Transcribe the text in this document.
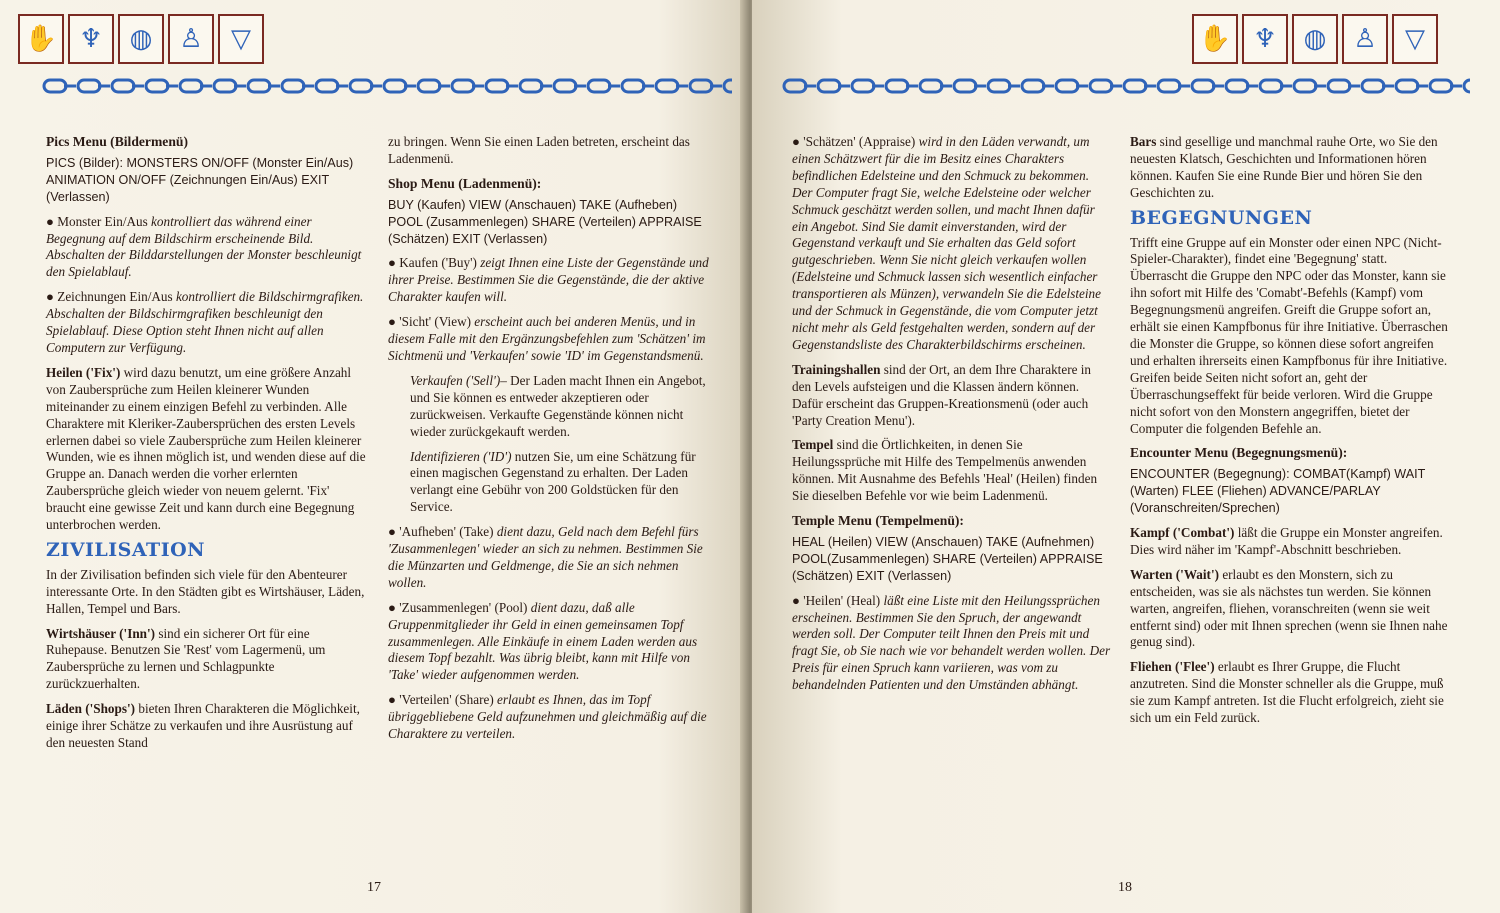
✋ ♆	◍	♙	▽
Pics Menu (Bildermenü)

PICS (Bilder): MONSTERS ON/OFF (Monster Ein/Aus) ANIMATION ON/OFF (Zeichnungen Ein/Aus) EXIT (Verlassen)

● Monster Ein/Aus kontrolliert das während einer Begegnung auf dem Bildschirm erscheinende Bild. Abschalten der Bilddarstellungen der Monster beschleunigt den Spielablauf.

● Zeichnungen Ein/Aus kontrolliert die Bildschirmgrafiken. Abschalten der Bildschirmgrafiken beschleunigt den Spielablauf. Diese Option steht Ihnen nicht auf allen Computern zur Verfügung.

Heilen ('Fix') wird dazu benutzt, um eine größere Anzahl von Zaubersprüche zum Heilen kleinerer Wunden miteinander zu einem einzigen Befehl zu verbinden. Alle Charaktere mit Kleriker-Zaubersprüchen des ersten Levels erlernen dabei so viele Zaubersprüche zum Heilen kleinerer Wunden, wie es ihnen möglich ist, und wenden diese auf die Gruppe an. Danach werden die vorher erlernten Zaubersprüche gleich wieder von neuem gelernt. 'Fix' braucht eine gewisse Zeit und kann durch eine Begegnung unterbrochen werden.

ZIVILISATION

In der Zivilisation befinden sich viele für den Abenteurer interessante Orte. In den Städten gibt es Wirtshäuser, Läden, Hallen, Tempel und Bars.

Wirtshäuser ('Inn') sind ein sicherer Ort für eine Ruhepause. Benutzen Sie 'Rest' vom Lagermenü, um Zaubersprüche zu lernen und Schlagpunkte zurückzuerhalten.

Läden ('Shops') bieten Ihren Charakteren die Möglichkeit, einige ihrer Schätze zu verkaufen und ihre Ausrüstung auf den neuesten Stand

zu bringen. Wenn Sie einen Laden betreten, erscheint das Ladenmenü.

Shop Menu (Ladenmenü):

BUY (Kaufen) VIEW (Anschauen) TAKE (Aufheben) POOL (Zusammenlegen) SHARE (Verteilen) APPRAISE (Schätzen) EXIT (Verlassen)

● Kaufen ('Buy') zeigt Ihnen eine Liste der Gegenstände und ihrer Preise. Bestimmen Sie die Gegenstände, die der aktive Charakter kaufen will.

● 'Sicht' (View) erscheint auch bei anderen Menüs, und in diesem Falle mit den Ergänzungsbefehlen zum 'Schätzen' im Sichtmenü und 'Verkaufen' sowie 'ID' im Gegenstandsmenü.

Verkaufen ('Sell')– Der Laden macht Ihnen ein Angebot, und Sie können es entweder akzeptieren oder zurückweisen. Verkaufte Gegenstände können nicht wieder zurückgekauft werden.

Identifizieren ('ID') nutzen Sie, um eine Schätzung für einen magischen Gegenstand zu erhalten. Der Laden verlangt eine Gebühr von 200 Goldstücken für den Service.

● 'Aufheben' (Take) dient dazu, Geld nach dem Befehl fürs 'Zusammenlegen' wieder an sich zu nehmen. Bestimmen Sie die Münzarten und Geldmenge, die Sie an sich nehmen wollen.

● 'Zusammenlegen' (Pool) dient dazu, daß alle Gruppenmitglieder ihr Geld in einen gemeinsamen Topf zusammenlegen. Alle Einkäufe in einem Laden werden aus diesem Topf bezahlt. Was übrig bleibt, kann mit Hilfe von 'Take' wieder aufgenommen werden.

● 'Verteilen' (Share) erlaubt es Ihnen, das im Topf übriggebliebene Geld aufzunehmen und gleichmäßig auf die Charaktere zu verteilen.

17
✋ ♆	◍	♙	▽

● 'Schätzen' (Appraise) wird in den Läden verwandt, um einen Schätzwert für die im Besitz eines Charakters befindlichen Edelsteine und den Schmuck zu bekommen. Der Computer fragt Sie, welche Edelsteine oder welcher Schmuck geschätzt werden sollen, und macht Ihnen dafür ein Angebot. Sind Sie damit einverstanden, wird der Gegenstand verkauft und Sie erhalten das Geld sofort gutgeschrieben. Wenn Sie nicht gleich verkaufen wollen (Edelsteine und Schmuck lassen sich wesentlich einfacher transportieren als Münzen), verwandeln Sie die Edelsteine und der Schmuck in Gegenstände, die vom Computer jetzt nicht mehr als Geld festgehalten werden, sondern auf der Gegenstandsliste des Charakterbildschirms erscheinen.

Trainingshallen sind der Ort, an dem Ihre Charaktere in den Levels aufsteigen und die Klassen ändern können. Dafür erscheint das Gruppen-Kreationsmenü (oder auch 'Party Creation Menu').

Tempel sind die Örtlichkeiten, in denen Sie Heilungssprüche mit Hilfe des Tempelmenüs anwenden können. Mit Ausnahme des Befehls 'Heal' (Heilen) finden Sie dieselben Befehle vor wie beim Ladenmenü.

Temple Menu (Tempelmenü):

HEAL (Heilen) VIEW (Anschauen) TAKE (Aufnehmen) POOL(Zusammenlegen) SHARE (Verteilen) APPRAISE (Schätzen) EXIT (Verlassen)

● 'Heilen' (Heal) läßt eine Liste mit den Heilungssprüchen erscheinen. Bestimmen Sie den Spruch, der angewandt werden soll. Der Computer teilt Ihnen den Preis mit und fragt Sie, ob Sie nach wie vor behandelt werden wollen. Der Preis für einen Spruch kann variieren, was vom zu behandelnden Patienten und den Umständen abhängt.

Bars sind gesellige und manchmal rauhe Orte, wo Sie den neuesten Klatsch, Geschichten und Informationen hören können. Kaufen Sie eine Runde Bier und hören Sie den Geschichten zu.

BEGEGNUNGEN

Trifft eine Gruppe auf ein Monster oder einen NPC (Nicht-Spieler-Charakter), findet eine 'Begegnung' statt. Überrascht die Gruppe den NPC oder das Monster, kann sie ihn sofort mit Hilfe des 'Comabt'-Befehls (Kampf) vom Begegnungsmenü angreifen. Greift die Gruppe sofort an, erhält sie einen Kampfbonus für ihre Initiative. Überraschen die Monster die Gruppe, so können diese sofort angreifen und erhalten ihrerseits einen Kampfbonus für ihre Initiative. Greifen beide Seiten nicht sofort an, geht der Überraschungseffekt für beide verloren. Wird die Gruppe nicht sofort von den Monstern angegriffen, bietet der Computer die folgenden Befehle an.

Encounter Menu (Begegnungsmenü):

ENCOUNTER (Begegnung): COMBAT(Kampf) WAIT (Warten) FLEE (Fliehen) ADVANCE/PARLAY (Voranschreiten/Sprechen)

Kampf ('Combat') läßt die Gruppe ein Monster angreifen. Dies wird näher im 'Kampf'-Abschnitt beschrieben.

Warten ('Wait') erlaubt es den Monstern, sich zu entscheiden, was sie als nächstes tun werden. Sie können warten, angreifen, fliehen, voranschreiten (wenn sie weit entfernt sind) oder mit Ihnen sprechen (wenn sie Ihnen nahe genug sind).

Fliehen ('Flee') erlaubt es Ihrer Gruppe, die Flucht anzutreten. Sind die Monster schneller als die Gruppe, muß sie zum Kampf antreten. Ist die Flucht erfolgreich, zieht sie sich um ein Feld zurück.

18
